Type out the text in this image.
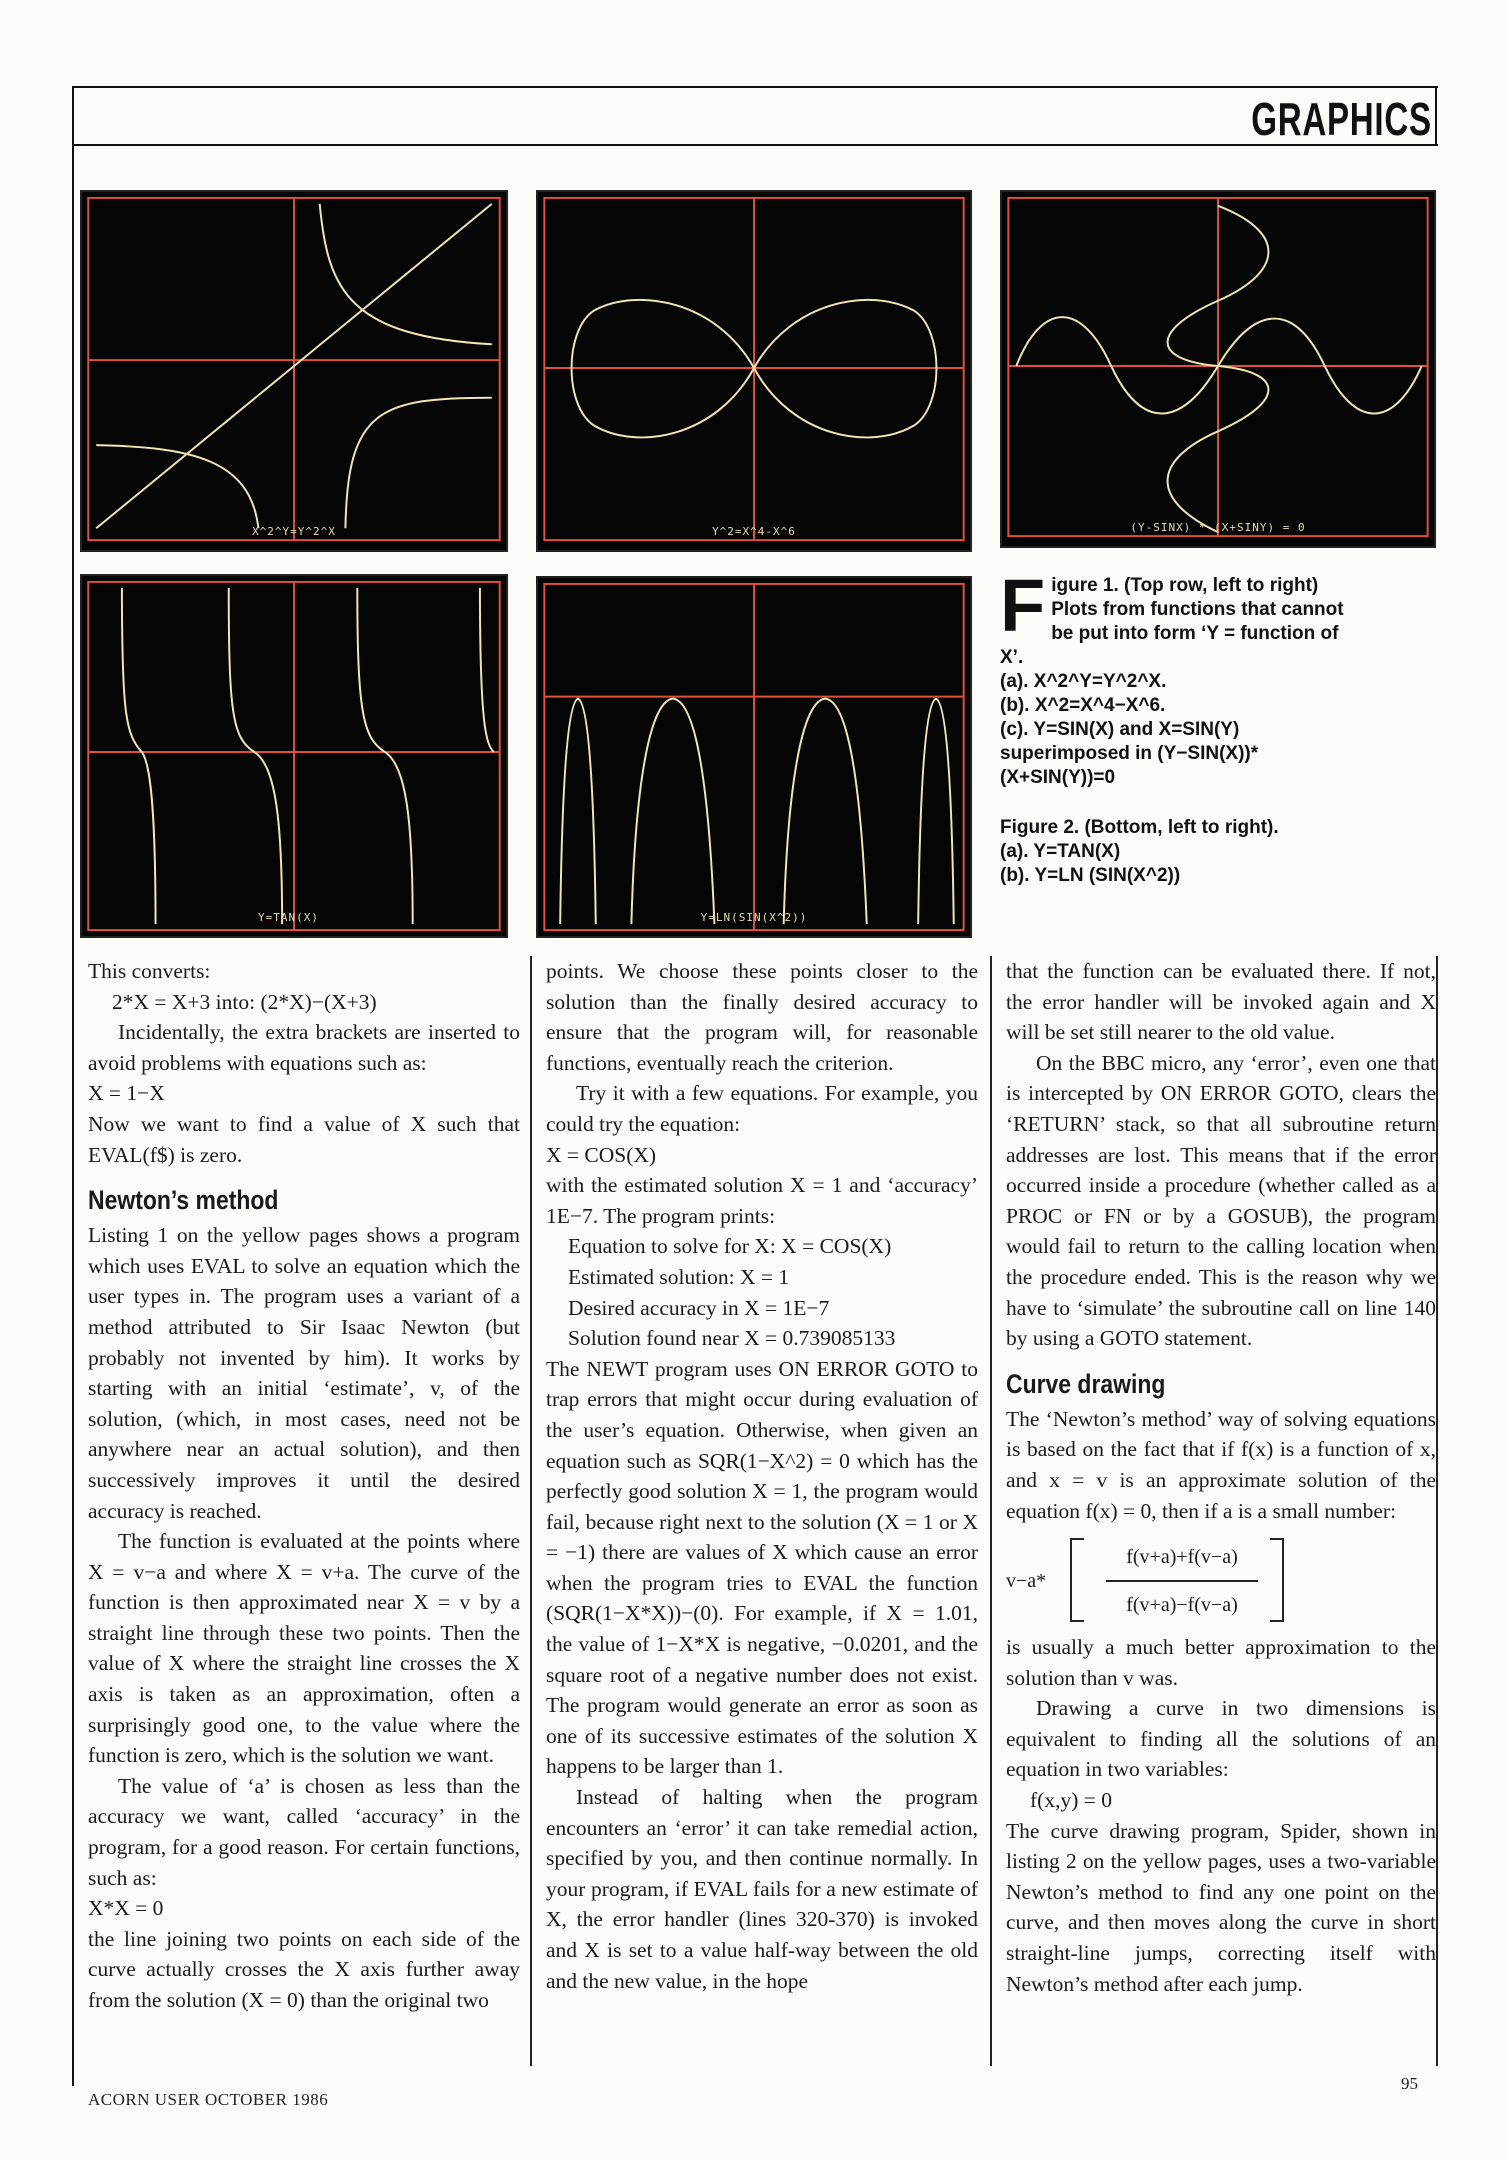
GRAPHICS
X^2^Y=Y^2^X	Y^2=X^4-X^6	(Y-SINX) * (X+SINY) = 0
Y=TAN(X)	Y=LN(SIN(X^2))
F igure 1. (Top row, left to right) Plots from functions that cannot be put into form ‘Y = function of X’.

(a). X^2^Y=Y^2^X.

(b). X^2=X^4−X^6.

(c). Y=SIN(X) and X=SIN(Y) superimposed in (Y−SIN(X))* (X+SIN(Y))=0

Figure 2. (Bottom, left to right).

(a). Y=TAN(X)

(b). Y=LN (SIN(X^2))

This converts:

2*X = X+3 into: (2*X)−(X+3)

Incidentally, the extra brackets are inserted to avoid problems with equations such as:

X = 1−X

Now we want to find a value of X such that EVAL(f$) is zero.

Newton’s method

Listing 1 on the yellow pages shows a program which uses EVAL to solve an equation which the user types in. The program uses a variant of a method attributed to Sir Isaac Newton (but probably not invented by him). It works by starting with an initial ‘estimate’, v, of the solution, (which, in most cases, need not be anywhere near an actual solution), and then successively improves it until the desired accuracy is reached.

The function is evaluated at the points where X = v−a and where X = v+a. The curve of the function is then approximated near X = v by a straight line through these two points. Then the value of X where the straight line crosses the X axis is taken as an approximation, often a surprisingly good one, to the value where the function is zero, which is the solution we want.

The value of ‘a’ is chosen as less than the accuracy we want, called ‘accuracy’ in the program, for a good reason. For certain functions, such as:

X*X = 0

the line joining two points on each side of the curve actually crosses the X axis further away from the solution (X = 0) than the original two

points. We choose these points closer to the solution than the finally desired accuracy to ensure that the program will, for reasonable functions, eventually reach the criterion.

Try it with a few equations. For example, you could try the equation:

X = COS(X)

with the estimated solution X = 1 and ‘accuracy’ 1E−7. The program prints:

Equation to solve for X: X = COS(X)

Estimated solution: X = 1

Desired accuracy in X = 1E−7

Solution found near X = 0.739085133

The NEWT program uses ON ERROR GOTO to trap errors that might occur during evaluation of the user’s equation. Otherwise, when given an equation such as SQR(1−X^2) = 0 which has the perfectly good solution X = 1, the program would fail, because right next to the solution (X = 1 or X = −1) there are values of X which cause an error when the program tries to EVAL the function (SQR(1−X*X))−(0). For example, if X = 1.01, the value of 1−X*X is negative, −0.0201, and the square root of a negative number does not exist. The program would generate an error as soon as one of its successive estimates of the solution X happens to be larger than 1.

Instead of halting when the program encounters an ‘error’ it can take remedial action, specified by you, and then continue normally. In your program, if EVAL fails for a new estimate of X, the error handler (lines 320-370) is invoked and X is set to a value half-way between the old and the new value, in the hope

that the function can be evaluated there. If not, the error handler will be invoked again and X will be set still nearer to the old value.

On the BBC micro, any ‘error’, even one that is intercepted by ON ERROR GOTO, clears the ‘RETURN’ stack, so that all subroutine return addresses are lost. This means that if the error occurred inside a procedure (whether called as a PROC or FN or by a GOSUB), the program would fail to return to the calling location when the procedure ended. This is the reason why we have to ‘simulate’ the subroutine call on line 140 by using a GOTO statement.

Curve drawing

The ‘Newton’s method’ way of solving equations is based on the fact that if f(x) is a function of x, and x = v is an approximate solution of the equation f(x) = 0, then if a is a small number:

v−a*
f(v+a)+f(v−a)
f(v+a)−f(v−a)

is usually a much better approximation to the solution than v was.

Drawing a curve in two dimensions is equivalent to finding all the solutions of an equation in two variables:

f(x,y) = 0

The curve drawing program, Spider, shown in listing 2 on the yellow pages, uses a two-variable Newton’s method to find any one point on the curve, and then moves along the curve in short straight-line jumps, correcting itself with Newton’s method after each jump.

ACORN USER OCTOBER 1986
95
